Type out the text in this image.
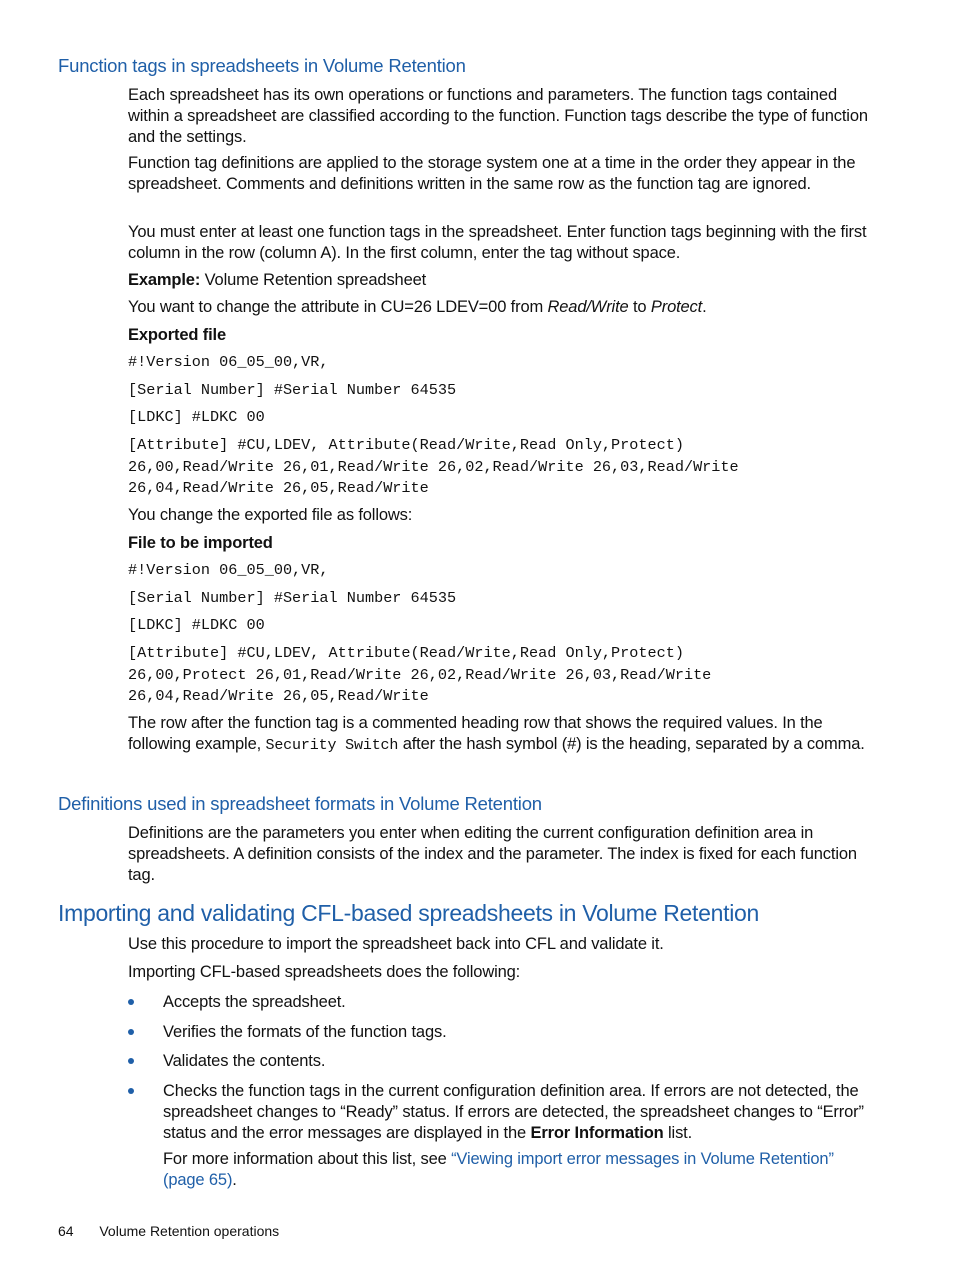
Function tags in spreadsheets in Volume Retention

Each spreadsheet has its own operations or functions and parameters. The function tags contained within a spreadsheet are classified according to the function. Function tags describe the type of function and the settings.

Function tag definitions are applied to the storage system one at a time in the order they appear in the spreadsheet. Comments and definitions written in the same row as the function tag are ignored.

You must enter at least one function tags in the spreadsheet. Enter function tags beginning with the first column in the row (column A). In the first column, enter the tag without space.

Example: Volume Retention spreadsheet

You want to change the attribute in CU=26 LDEV=00 from Read/Write to Protect.

Exported file

#!Version 06_05_00,VR,
[Serial Number] #Serial Number 64535
[LDKC] #LDKC 00
[Attribute] #CU,LDEV, Attribute(Read/Write,Read Only,Protect)
26,00,Read/Write 26,01,Read/Write 26,02,Read/Write 26,03,Read/Write
26,04,Read/Write 26,05,Read/Write

You change the exported file as follows:

File to be imported

#!Version 06_05_00,VR,
[Serial Number] #Serial Number 64535
[LDKC] #LDKC 00
[Attribute] #CU,LDEV, Attribute(Read/Write,Read Only,Protect)
26,00,Protect 26,01,Read/Write 26,02,Read/Write 26,03,Read/Write
26,04,Read/Write 26,05,Read/Write

The row after the function tag is a commented heading row that shows the required values. In the following example, Security Switch after the hash symbol (#) is the heading, separated by a comma.

Definitions used in spreadsheet formats in Volume Retention

Definitions are the parameters you enter when editing the current configuration definition area in spreadsheets. A definition consists of the index and the parameter. The index is fixed for each function tag.

Importing and validating CFL-based spreadsheets in Volume Retention

Use this procedure to import the spreadsheet back into CFL and validate it.

Importing CFL-based spreadsheets does the following:

Accepts the spreadsheet.
Verifies the formats of the function tags.
Validates the contents.
Checks the function tags in the current configuration definition area. If errors are not detected, the spreadsheet changes to “Ready” status. If errors are detected, the spreadsheet changes to “Error” status and the error messages are displayed in the Error Information list.

For more information about this list, see “Viewing import error messages in Volume Retention” (page 65).

64 Volume Retention operations
